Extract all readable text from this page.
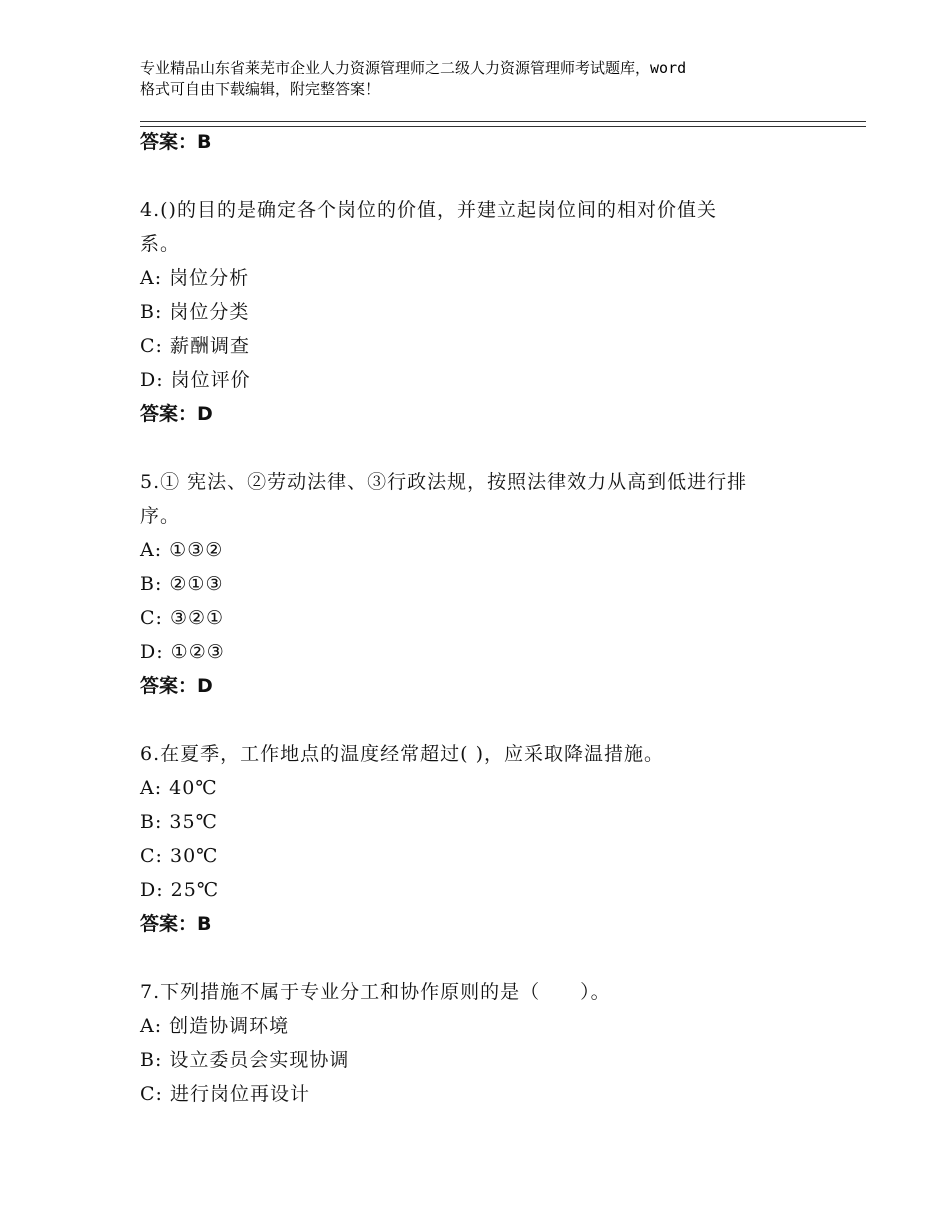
专业精品山东省莱芜市企业人力资源管理师之二级人力资源管理师考试题库，word
格式可自由下载编辑，附完整答案！
答案：B
4.()的目的是确定各个岗位的价值，并建立起岗位间的相对价值关
系。
A: 岗位分析
B: 岗位分类
C: 薪酬调查
D: 岗位评价
答案：D
5.① 宪法、②劳动法律、③行政法规，按照法律效力从高到低进行排
序。
A: ①③②
B: ②①③
C: ③②①
D: ①②③
答案：D
6.在夏季，工作地点的温度经常超过( )，应采取降温措施。
A: 40℃
B: 35℃
C: 30℃
D: 25℃
答案：B
7.下列措施不属于专业分工和协作原则的是（　　）。
A: 创造协调环境
B: 设立委员会实现协调
C: 进行岗位再设计
